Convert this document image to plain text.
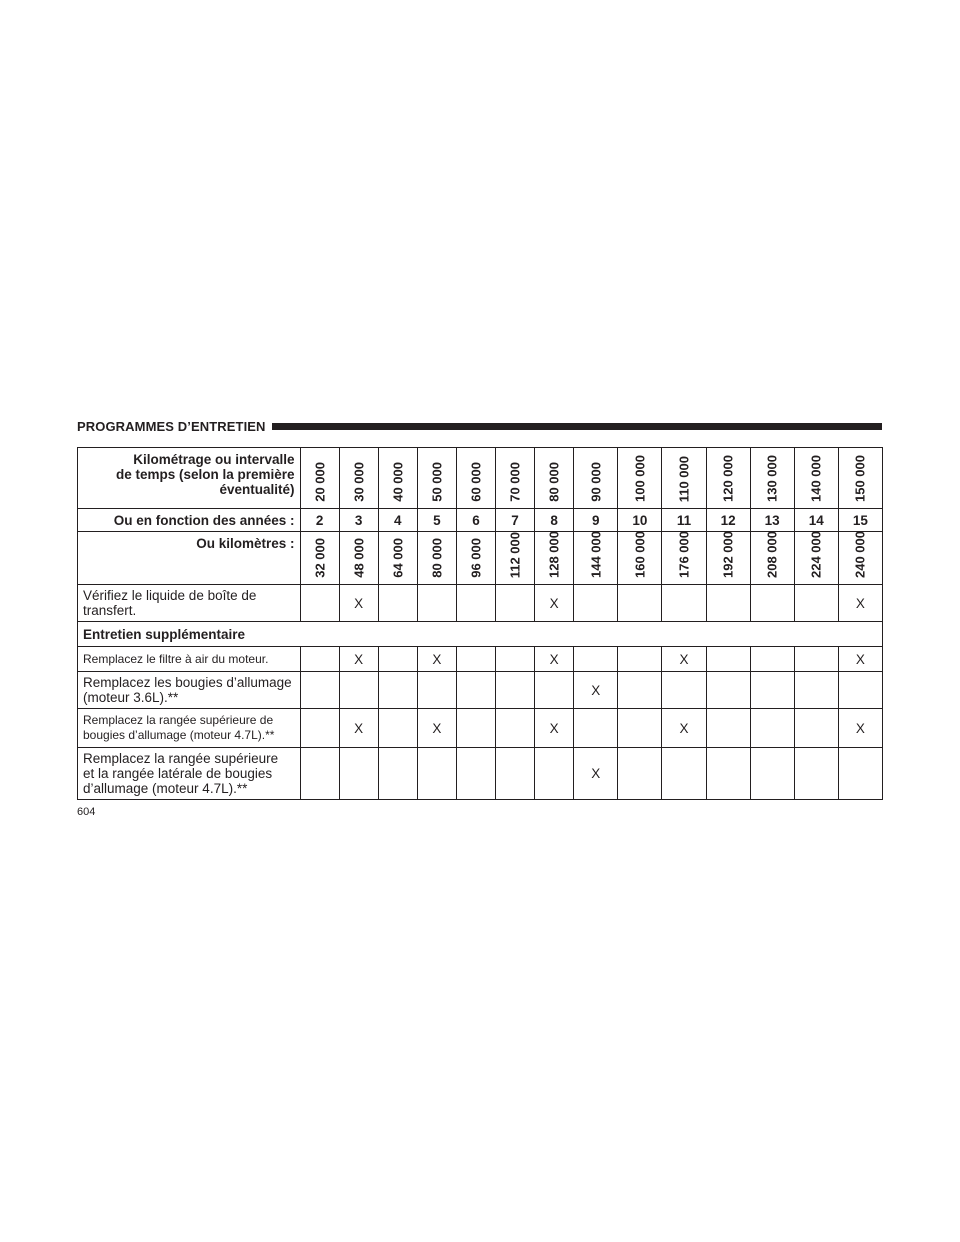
PROGRAMMES D’ENTRETIEN
Kilométrage ou intervalle
de temps (selon la première
éventualité)	20 000	30 000	40 000	50 000	60 000	70 000	80 000	90 000	100 000	110 000	120 000	130 000	140 000	150 000

Ou en fonction des années :	2	3	4	5	6	7	8	9	10	11	12	13	14	15
Ou kilomètres :	32 000	48 000	64 000	80 000	96 000	112 000	128 000	144 000	160 000	176 000	192 000	208 000	224 000	240 000

Vérifiez le liquide de boîte de
transfert.		X					X							X
Entretien supplémentaire														

Remplacez le filtre à air du moteur.		X		X			X			X				X

Remplacez les bougies d’allumage
(moteur 3.6L).**								X						

Remplacez la rangée supérieure de
bougies d’allumage (moteur 4.7L).**		X		X			X			X				X

Remplacez la rangée supérieure
et la rangée latérale de bougies
d’allumage (moteur 4.7L).**								X						
604
